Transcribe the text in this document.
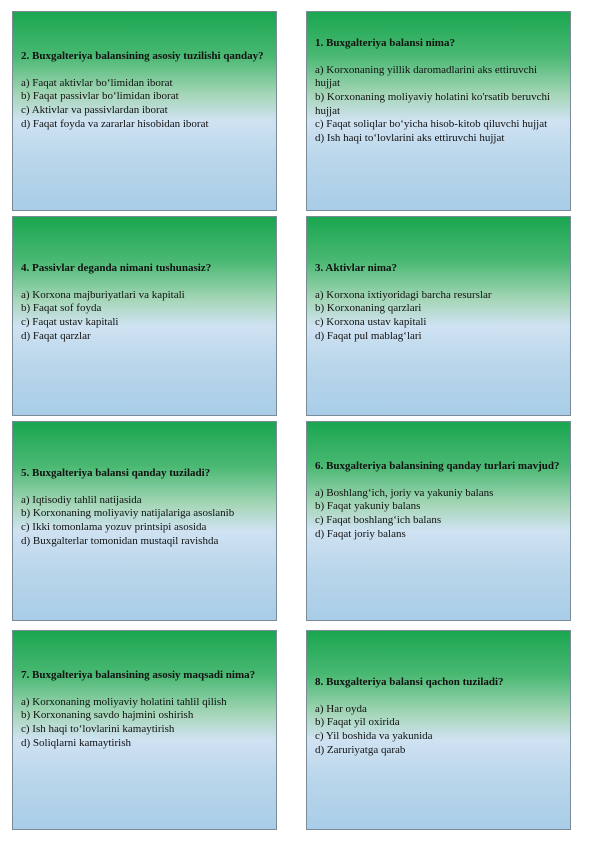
2. Buxgalteriya balansining asosiy tuzilishi qanday?

a) Faqat aktivlar bo‘limidan iborat

b) Faqat passivlar bo‘limidan iborat

c) Aktivlar va passivlardan iborat

d) Faqat foyda va zararlar hisobidan iborat

1. Buxgalteriya balansi nima?

a) Korxonaning yillik daromadlarini aks ettiruvchi hujjat

b) Korxonaning moliyaviy holatini ko'rsatib beruvchi hujjat

c) Faqat soliqlar bo‘yicha hisob-kitob qiluvchi hujjat

d) Ish haqi to‘lovlarini aks ettiruvchi hujjat

4. Passivlar deganda nimani tushunasiz?

a) Korxona majburiyatlari va kapitali

b) Faqat sof foyda

c) Faqat ustav kapitali

d) Faqat qarzlar

3. Aktivlar nima?

a) Korxona ixtiyoridagi barcha resurslar

b) Korxonaning qarzlari

c) Korxona ustav kapitali

d) Faqat pul mablag‘lari

5. Buxgalteriya balansi qanday tuziladi?

a) Iqtisodiy tahlil natijasida

b) Korxonaning moliyaviy natijalariga asoslanib

c) Ikki tomonlama yozuv printsipi asosida

d) Buxgalterlar tomonidan mustaqil ravishda

6. Buxgalteriya balansining qanday turlari mavjud?

a) Boshlang‘ich, joriy va yakuniy balans

b) Faqat yakuniy balans

c) Faqat boshlang‘ich balans

d) Faqat joriy balans

7. Buxgalteriya balansining asosiy maqsadi nima?

a) Korxonaning moliyaviy holatini tahlil qilish

b) Korxonaning savdo hajmini oshirish

c) Ish haqi to‘lovlarini kamaytirish

d) Soliqlarni kamaytirish

8. Buxgalteriya balansi qachon tuziladi?

a) Har oyda

b) Faqat yil oxirida

c) Yil boshida va yakunida

d) Zaruriyatga qarab
